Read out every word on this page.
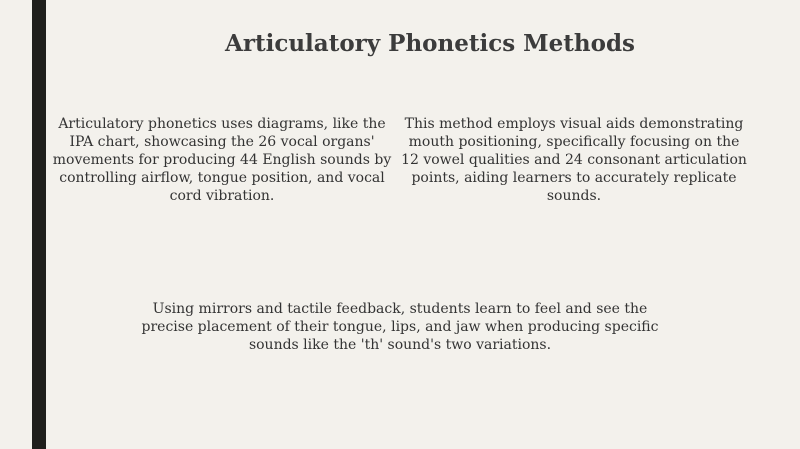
Articulatory Phonetics Methods
Articulatory phonetics uses diagrams, like the IPA chart, showcasing the 26 vocal organs' movements for producing 44 English sounds by controlling airflow, tongue position, and vocal cord vibration.
This method employs visual aids demonstrating mouth positioning, specifically focusing on the 12 vowel qualities and 24 consonant articulation points, aiding learners to accurately replicate sounds.
Using mirrors and tactile feedback, students learn to feel and see the precise placement of their tongue, lips, and jaw when producing specific sounds like the 'th' sound's two variations.
